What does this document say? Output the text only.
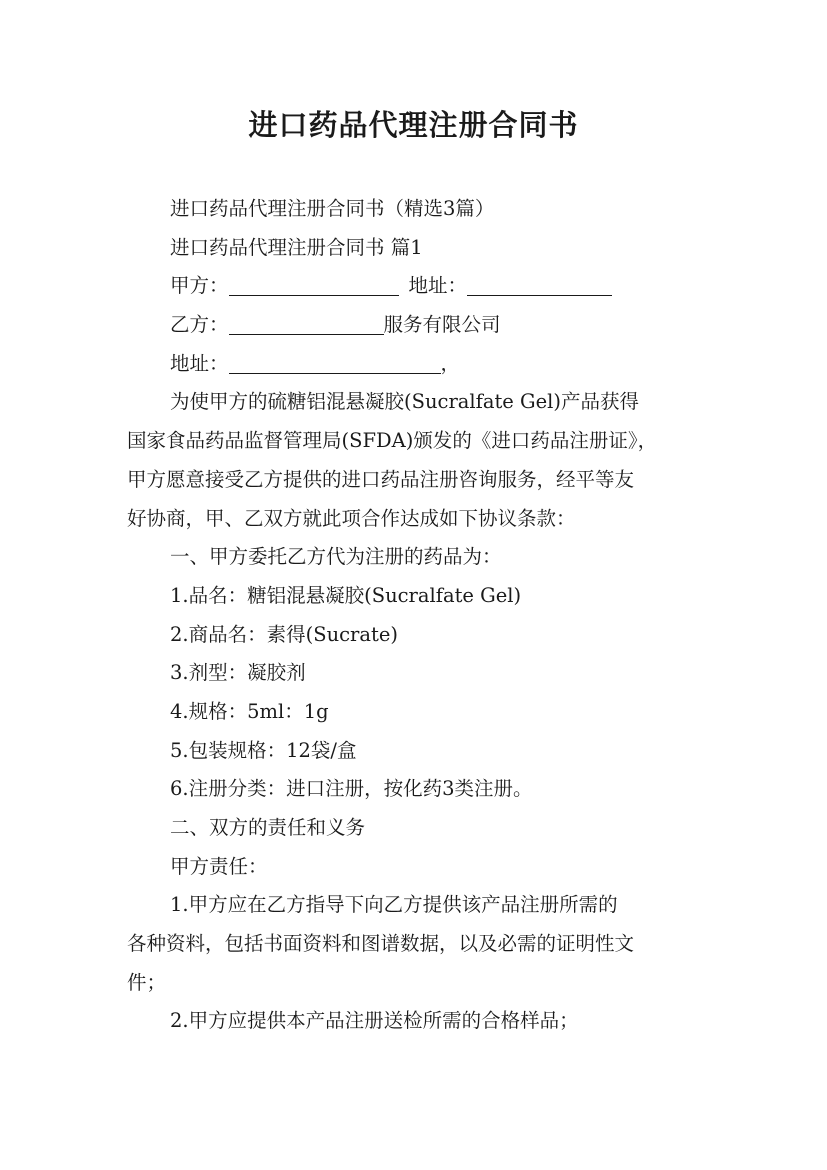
进口药品代理注册合同书
进口药品代理注册合同书（精选3篇）
进口药品代理注册合同书 篇1
甲方：	地址：
乙方：	服务有限公司
地址：	，
为使甲方的硫糖铝混悬凝胶(Sucralfate Gel)产品获得
国家食品药品监督管理局(SFDA)颁发的《进口药品注册证》，
甲方愿意接受乙方提供的进口药品注册咨询服务，经平等友
好协商，甲、乙双方就此项合作达成如下协议条款：
一、甲方委托乙方代为注册的药品为：
1.品名：糖铝混悬凝胶(Sucralfate Gel)
2.商品名：素得(Sucrate)
3.剂型：凝胶剂
4.规格：5ml：1g
5.包装规格：12袋/盒
6.注册分类：进口注册，按化药3类注册。
二、双方的责任和义务
甲方责任：
1.甲方应在乙方指导下向乙方提供该产品注册所需的
各种资料，包括书面资料和图谱数据，以及必需的证明性文
件；
2.甲方应提供本产品注册送检所需的合格样品；
